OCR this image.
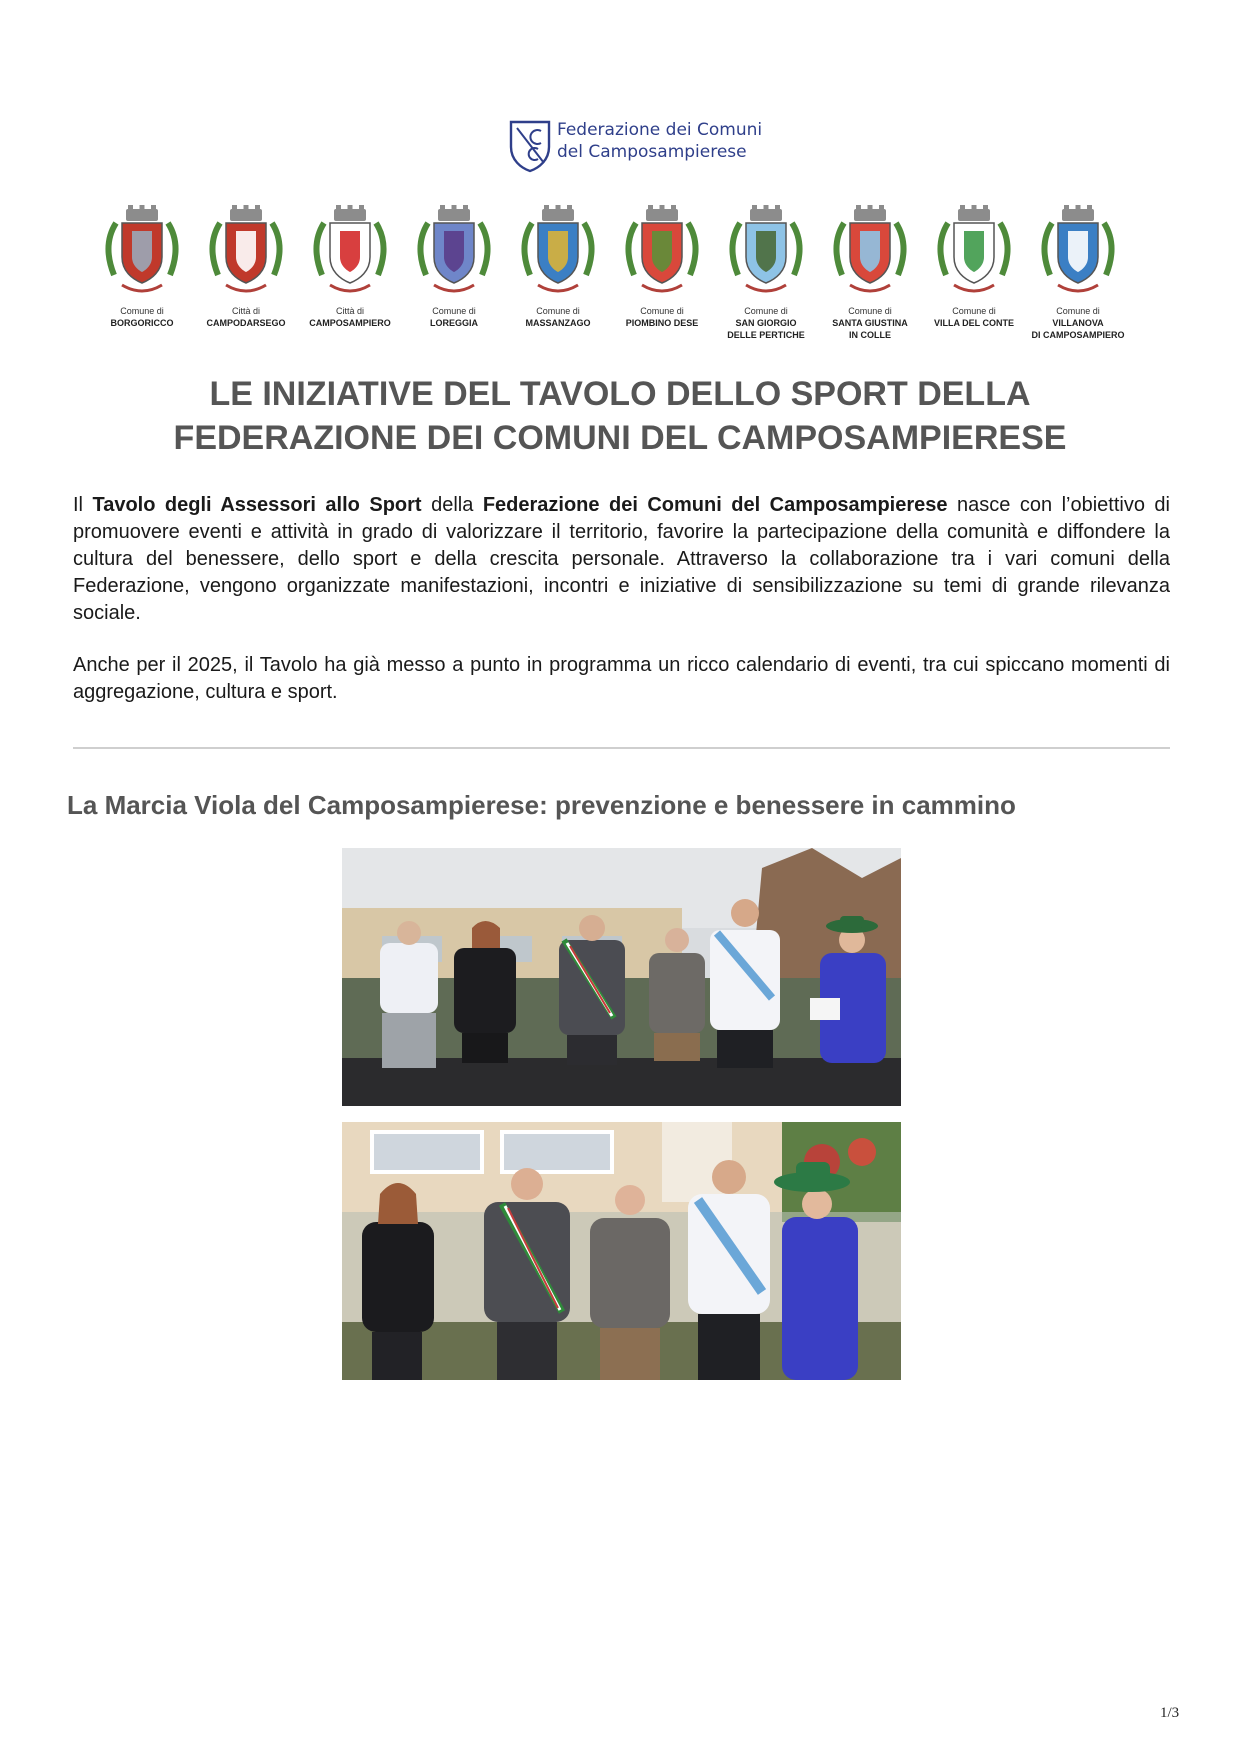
Federazione dei Comuni
del Camposampierese
Comune di
BORGORICCO
Città di
CAMPODARSEGO
Città di
CAMPOSAMPIERO
Comune di
LOREGGIA
Comune di
MASSANZAGO
Comune di
PIOMBINO DESE
Comune di
SAN GIORGIO
DELLE PERTICHE
Comune di
SANTA GIUSTINA
IN COLLE
Comune di
VILLA DEL CONTE
Comune di
VILLANOVA
DI CAMPOSAMPIERO
LE INIZIATIVE DEL TAVOLO DELLO SPORT DELLA
FEDERAZIONE DEI COMUNI DEL CAMPOSAMPIERESE

Il Tavolo degli Assessori allo Sport della Federazione dei Comuni del Camposampierese nasce con l’obiettivo di promuovere eventi e attività in grado di valorizzare il territorio, favorire la partecipazione della comunità e diffondere la cultura del benessere, dello sport e della crescita personale. Attraverso la collaborazione tra i vari comuni della Federazione, vengono organizzate manifestazioni, incontri e iniziative di sensibilizzazione su temi di grande rilevanza sociale.

Anche per il 2025, il Tavolo ha già messo a punto in programma un ricco calendario di eventi, tra cui spiccano momenti di aggregazione, cultura e sport.

La Marcia Viola del Camposampierese: prevenzione e benessere in cammino
1/3
